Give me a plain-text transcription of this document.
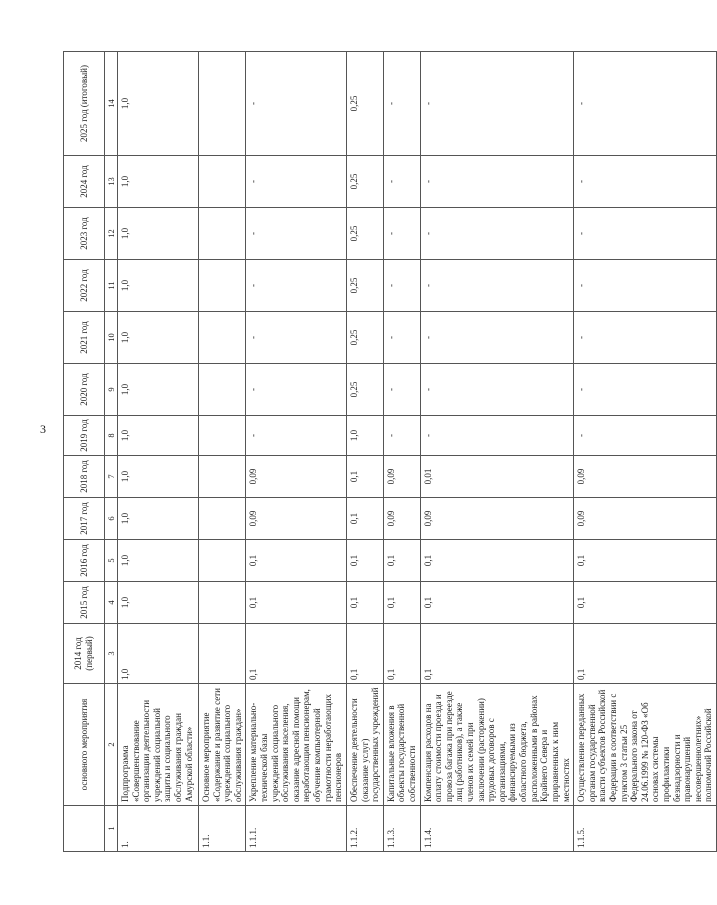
3
	основного мероприятия	2014 год (первый)	2015 год	2016 год	2017 год	2018 год	2019 год	2020 год	2021 год	2022 год	2023 год	2024 год	2025 год (итоговый)
1	2	3	4	5	6	7	8	9	10	11	12	13	14
1.	Подпрограмма «Совершенствование организации деятельности учреждений социальной защиты и социального обслуживания граждан Амурской области»	1,0	1,0	1,0	1,0	1,0	1,0	1,0	1,0	1,0	1,0	1,0	1,0
1.1.	Основное мероприятие «Содержание и развитие сети учреждений социального обслуживания граждан»												
1.1.1.	Укрепление материально-технической базы учреждений социального обслуживания населения, оказание адресной помощи неработающим пенсионерам, обучение компьютерной грамотности неработающих пенсионеров	0,1	0,1	0,1	0,09	0,09	-	-	-	-	-	-	-
1.1.2.	Обеспечение деятельности (оказание услуг) государственных учреждений	0,1	0,1	0,1	0,1	0,1	1,0	0,25	0,25	0,25	0,25	0,25	0,25
1.1.3.	Капитальные вложения в объекты государственной собственности	0,1	0,1	0,1	0,09	0,09	-	-	-	-	-	-	-
1.1.4.	Компенсация расходов на оплату стоимости проезда и провоза багажа при переезде лиц (работников), а также членов их семей при заключении (расторжении) трудовых договоров с организациями, финансируемыми из областного бюджета, расположенными в районах Крайнего Севера и приравненных к ним местностях	0,1	0,1	0,1	0,09	0,01	-	-	-	-	-	-	-
1.1.5.	Осуществление переданных органам государственной власти субъектов Российской Федерации в соответствии с пунктом 3 статьи 25 Федерального закона от 24.06.1999 № 120-ФЗ «Об основах системы профилактики безнадзорности и правонарушений несовершеннолетних» полномочий Российской	0,1	0,1	0,1	0,09	0,09	-	-	-	-	-	-	-
